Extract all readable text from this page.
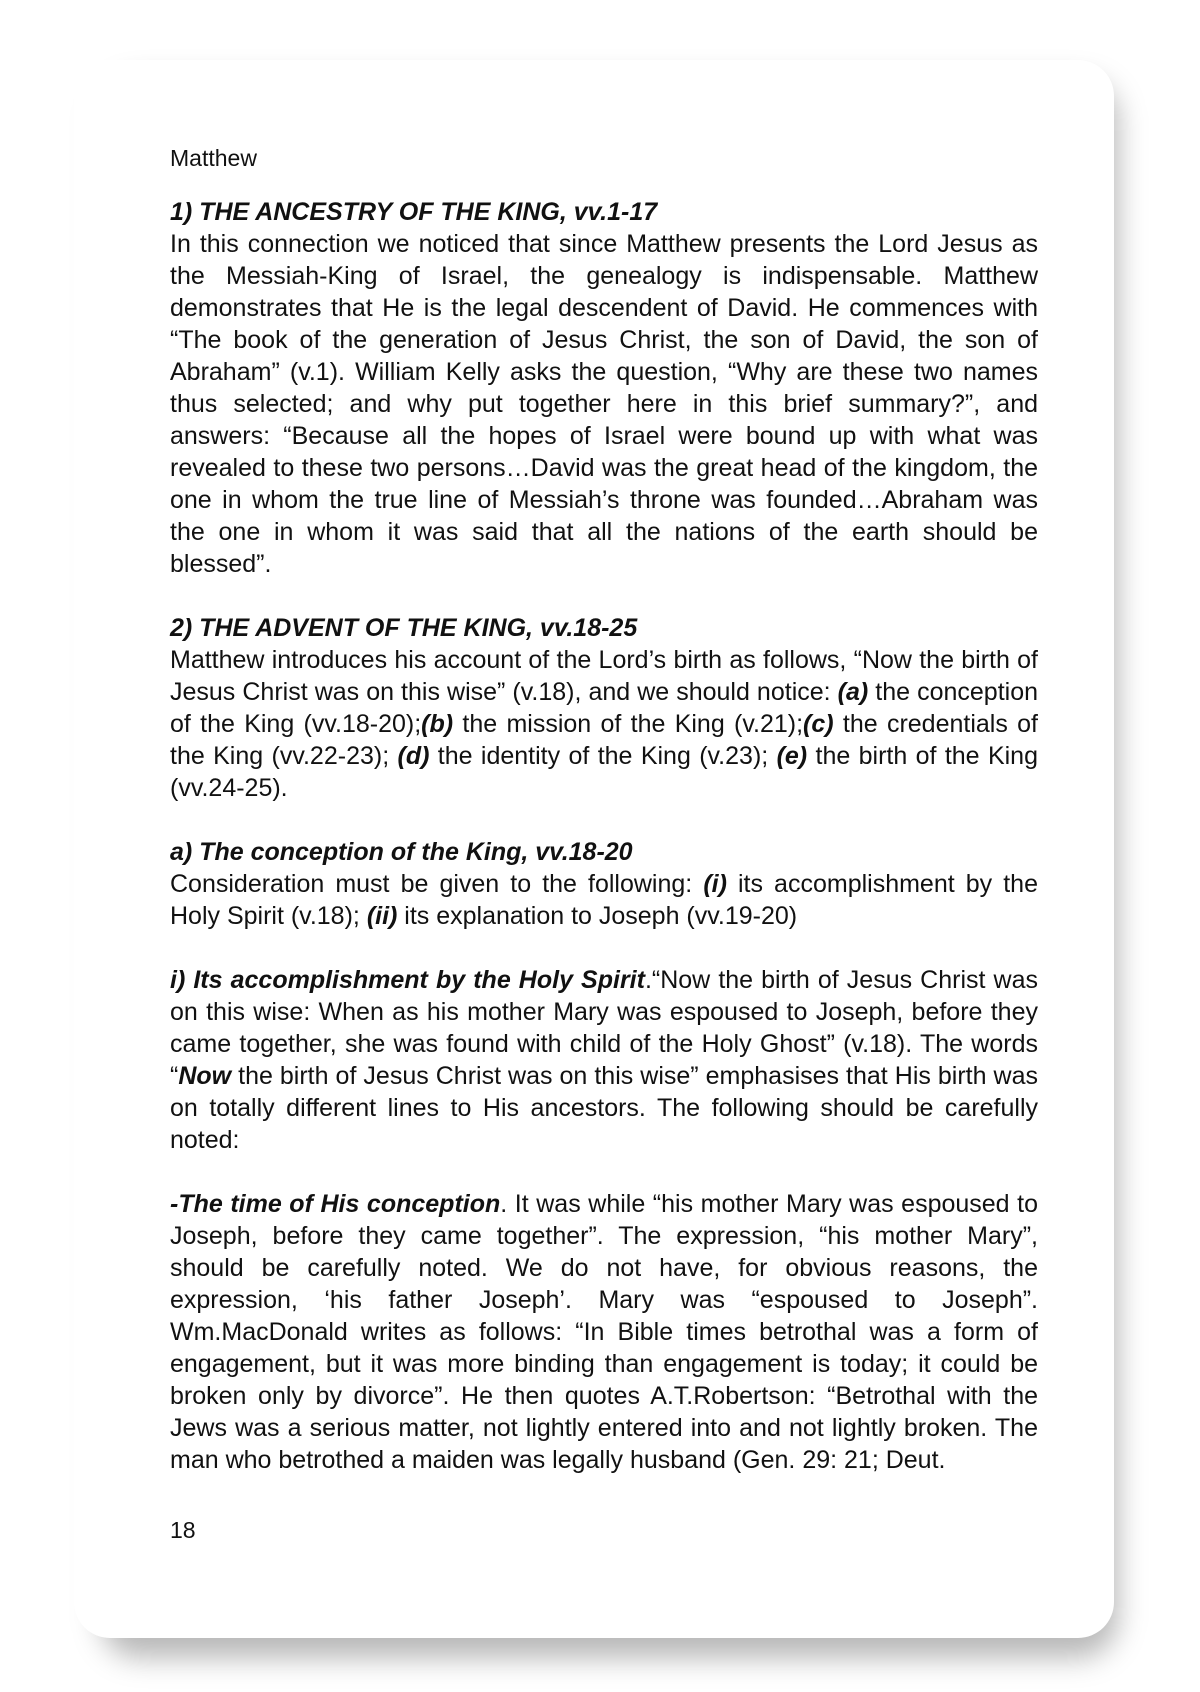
Matthew
1) THE ANCESTRY OF THE KING, vv.1-17

In this connection we noticed that since Matthew presents the Lord Jesus as the Messiah-King of Israel, the genealogy is indispensable. Matthew demonstrates that He is the legal descendent of David. He commences with “The book of the generation of Jesus Christ, the son of David, the son of Abraham” (v.1). William Kelly asks the question, “Why are these two names thus selected; and why put together here in this brief summary?”, and answers: “Because all the hopes of Israel were bound up with what was revealed to these two persons…David was the great head of the kingdom, the one in whom the true line of Messiah’s throne was founded…Abraham was the one in whom it was said that all the nations of the earth should be blessed”.

2) THE ADVENT OF THE KING, vv.18-25

Matthew introduces his account of the Lord’s birth as follows, “Now the birth of Jesus Christ was on this wise” (v.18), and we should notice: (a) the conception of the King (vv.18-20);(b) the mission of the King (v.21);(c) the credentials of the King (vv.22-23); (d) the identity of the King (v.23); (e) the birth of the King (vv.24-25).

a) The conception of the King, vv.18-20

Consideration must be given to the following: (i) its accomplishment by the Holy Spirit (v.18); (ii) its explanation to Joseph (vv.19-20)

i) Its accomplishment by the Holy Spirit.“Now the birth of Jesus Christ was on this wise: When as his mother Mary was espoused to Joseph, before they came together, she was found with child of the Holy Ghost” (v.18). The words “Now the birth of Jesus Christ was on this wise” emphasises that His birth was on totally different lines to His ancestors. The following should be carefully noted:

-The time of His conception. It was while “his mother Mary was espoused to Joseph, before they came together”. The expression, “his mother Mary”, should be carefully noted. We do not have, for obvious reasons, the expression, ‘his father Joseph’. Mary was “espoused to Joseph”. Wm.MacDonald writes as follows: “In Bible times betrothal was a form of engagement, but it was more binding than engagement is today; it could be broken only by divorce”. He then quotes A.T.Robertson: “Betrothal with the Jews was a serious matter, not lightly entered into and not lightly broken. The man who betrothed a maiden was legally husband (Gen. 29: 21; Deut.

18
